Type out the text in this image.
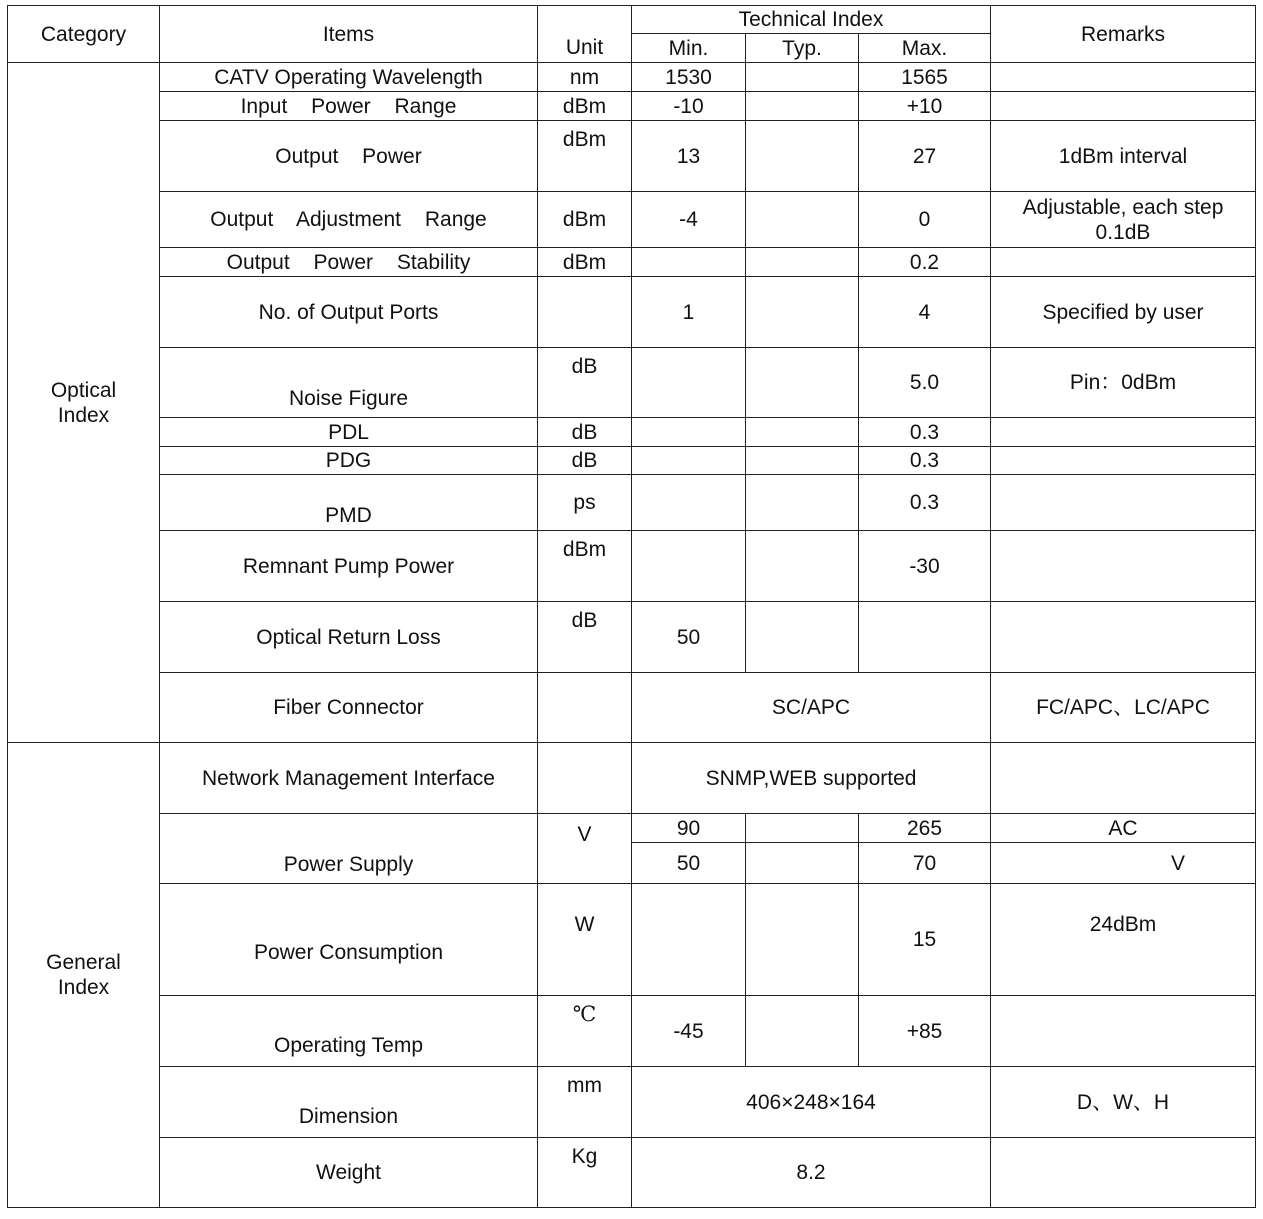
Category	Items	Unit	Technical Index			Remarks
			Min.	Typ.	Max.	

Optical Index	CATV Operating Wavelength	nm	1530		1565	
	Input Power Range	dBm	-10		+10	
	Output Power	dBm	13		27	1dBm interval
	Output Adjustment Range	dBm	-4		0	Adjustable, each step 0.1dB

	Output Power Stability	dBm			0.2	
	No. of Output Ports		1		4	Specified by user
	Noise Figure	dB			5.0	Pin：0dBm
	PDL	dB			0.3	
	PDG	dB			0.3	
	PMD	ps			0.3	
	Remnant Pump Power	dBm			-30	
	Optical Return Loss	dB	50			
	Fiber Connector		SC/APC			FC/APC、LC/APC

General Index	Network Management Interface		SNMP,WEB supported			
	Power Supply	V	90		265	AC
			50		70	V
	Power Consumption	W			15	24dBm
	Operating Temp	℃	-45		+85	
	Dimension	mm	406×248×164			D、W、H
	Weight	Kg	8.2			
